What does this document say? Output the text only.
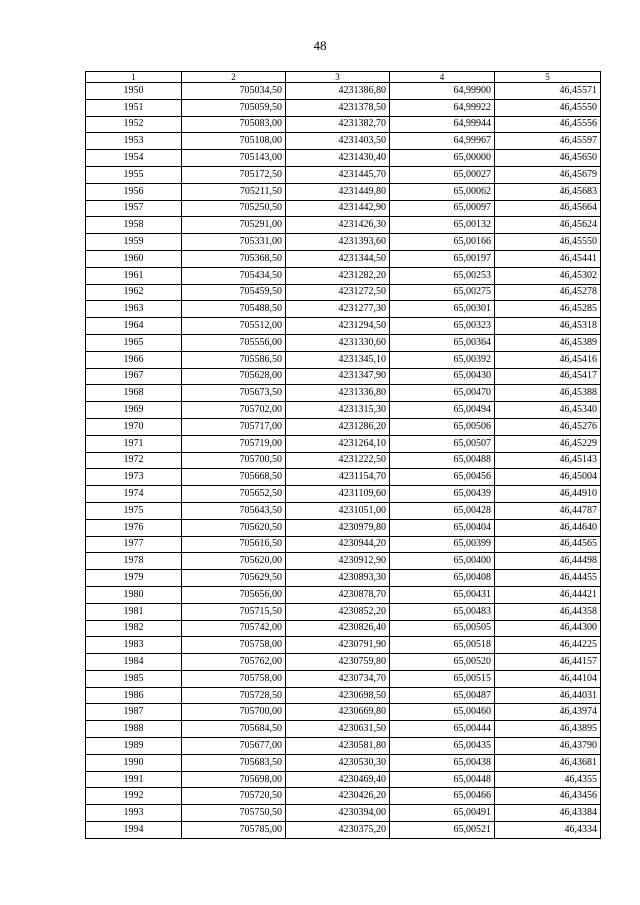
48
1	2	3	4	5
1950	705034,50	4231386,80	64,99900	46,45571
1951	705059,50	4231378,50	64,99922	46,45550
1952	705083,00	4231382,70	64,99944	46,45556
1953	705108,00	4231403,50	64,99967	46,45597
1954	705143,00	4231430,40	65,00000	46,45650
1955	705172,50	4231445,70	65,00027	46,45679
1956	705211,50	4231449,80	65,00062	46,45683
1957	705250,50	4231442,90	65,00097	46,45664
1958	705291,00	4231426,30	65,00132	46,45624
1959	705331,00	4231393,60	65,00166	46,45550
1960	705368,50	4231344,50	65,00197	46,45441
1961	705434,50	4231282,20	65,00253	46,45302
1962	705459,50	4231272,50	65,00275	46,45278
1963	705488,50	4231277,30	65,00301	46,45285
1964	705512,00	4231294,50	65,00323	46,45318
1965	705556,00	4231330,60	65,00364	46,45389
1966	705586,50	4231345,10	65,00392	46,45416
1967	705628,00	4231347,90	65,00430	46,45417
1968	705673,50	4231336,80	65,00470	46,45388
1969	705702,00	4231315,30	65,00494	46,45340
1970	705717,00	4231286,20	65,00506	46,45276
1971	705719,00	4231264,10	65,00507	46,45229
1972	705700,50	4231222,50	65,00488	46,45143
1973	705668,50	4231154,70	65,00456	46,45004
1974	705652,50	4231109,60	65,00439	46,44910
1975	705643,50	4231051,00	65,00428	46,44787
1976	705620,50	4230979,80	65,00404	46,44640
1977	705616,50	4230944,20	65,00399	46,44565
1978	705620,00	4230912,90	65,00400	46,44498
1979	705629,50	4230893,30	65,00408	46,44455
1980	705656,00	4230878,70	65,00431	46,44421
1981	705715,50	4230852,20	65,00483	46,44358
1982	705742,00	4230826,40	65,00505	46,44300
1983	705758,00	4230791,90	65,00518	46,44225
1984	705762,00	4230759,80	65,00520	46,44157
1985	705758,00	4230734,70	65,00515	46,44104
1986	705728,50	4230698,50	65,00487	46,44031
1987	705700,00	4230669,80	65,00460	46,43974
1988	705684,50	4230631,50	65,00444	46,43895
1989	705677,00	4230581,80	65,00435	46,43790
1990	705683,50	4230530,30	65,00438	46,43681
1991	705698,00	4230469,40	65,00448	46,4355
1992	705720,50	4230426,20	65,00466	46,43456
1993	705750,50	4230394,00	65,00491	46,43384
1994	705785,00	4230375,20	65,00521	46,4334
